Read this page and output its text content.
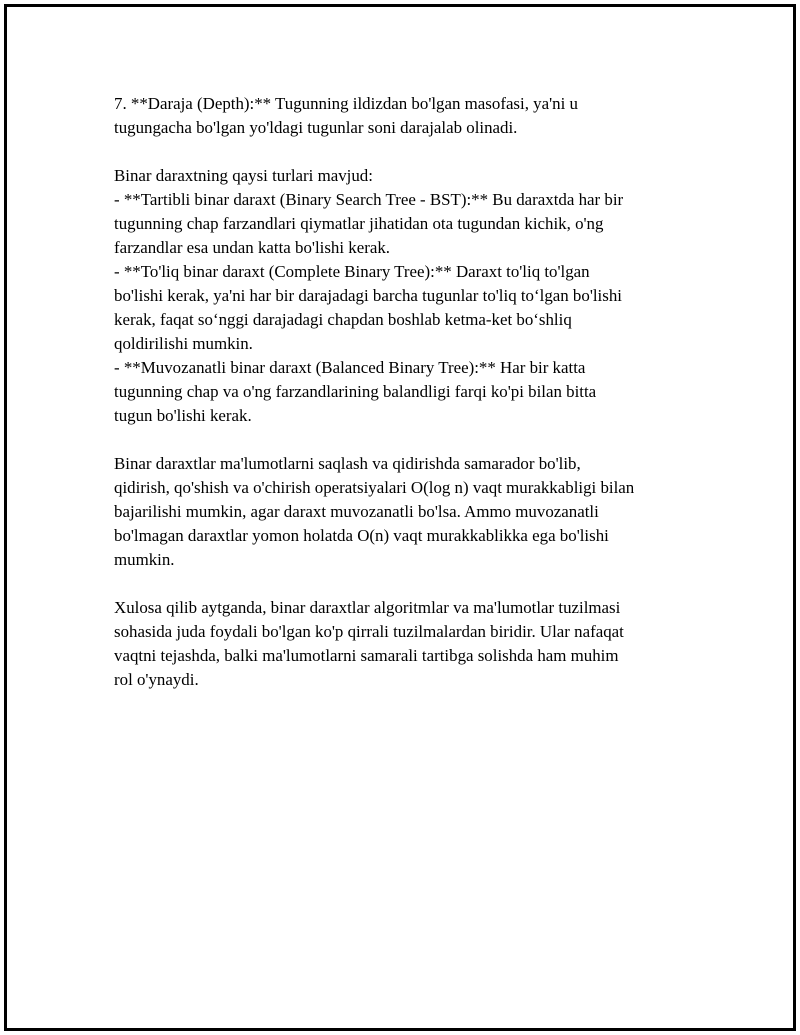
7. **Daraja (Depth):** Tugunning ildizdan bo'lgan masofasi, ya'ni u
tugungacha bo'lgan yo'ldagi tugunlar soni darajalab olinadi.

Binar daraxtning qaysi turlari mavjud:
- **Tartibli binar daraxt (Binary Search Tree - BST):** Bu daraxtda har bir
tugunning chap farzandlari qiymatlar jihatidan ota tugundan kichik, o'ng
farzandlar esa undan katta bo'lishi kerak.
- **To'liq binar daraxt (Complete Binary Tree):** Daraxt to'liq to'lgan
bo'lishi kerak, ya'ni har bir darajadagi barcha tugunlar to'liq to‘lgan bo'lishi
kerak, faqat so‘nggi darajadagi chapdan boshlab ketma-ket bo‘shliq
qoldirilishi mumkin.
- **Muvozanatli binar daraxt (Balanced Binary Tree):** Har bir katta
tugunning chap va o'ng farzandlarining balandligi farqi ko'pi bilan bitta
tugun bo'lishi kerak.

Binar daraxtlar ma'lumotlarni saqlash va qidirishda samarador bo'lib,
qidirish, qo'shish va o'chirish operatsiyalari O(log n) vaqt murakkabligi bilan
bajarilishi mumkin, agar daraxt muvozanatli bo'lsa. Ammo muvozanatli
bo'lmagan daraxtlar yomon holatda O(n) vaqt murakkablikka ega bo'lishi
mumkin.

Xulosa qilib aytganda, binar daraxtlar algoritmlar va ma'lumotlar tuzilmasi
sohasida juda foydali bo'lgan ko'p qirrali tuzilmalardan biridir. Ular nafaqat
vaqtni tejashda, balki ma'lumotlarni samarali tartibga solishda ham muhim
rol o'ynaydi.
